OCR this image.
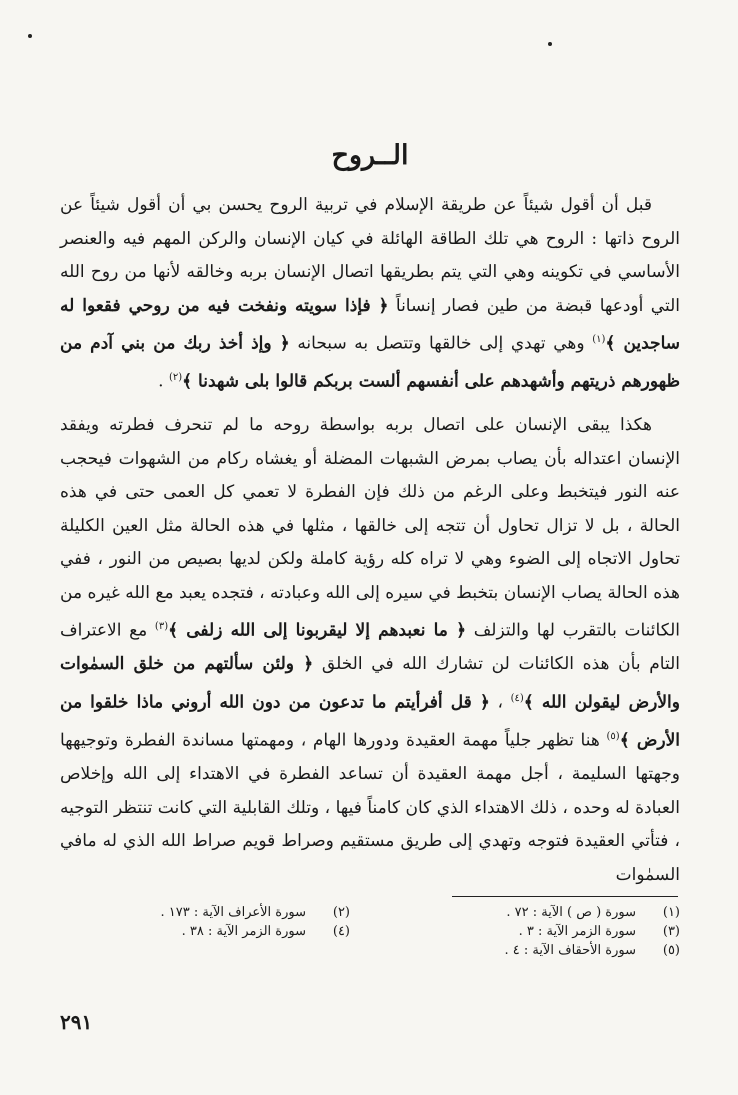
الــروح

قبل أن أقول شيئاً عن طريقة الإسلام في تربية الروح يحسن بي أن أقول شيئاً عن الروح ذاتها : الروح هي تلك الطاقة الهائلة في كيان الإنسان والركن المهم فيه والعنصر الأساسي في تكوينه وهي التي يتم بطريقها اتصال الإنسان بربه وخالقه لأنها من روح الله التي أودعها قبضة من طين فصار إنساناً ﴿ فإذا سويته ونفخت فيه من روحي فقعوا له ساجدين ﴾$^{(١)}$ وهي تهدي إلى خالقها وتتصل به سبحانه ﴿ وإذ أخذ ربك من بني آدم من ظهورهم ذريتهم وأشهدهم على أنفسهم ألست بربكم قالوا بلى شهدنا ﴾$^{(٢)}$ .

هكذا يبقى الإنسان على اتصال بربه بواسطة روحه ما لم تنحرف فطرته ويفقد الإنسان اعتداله بأن يصاب بمرض الشبهات المضلة أو يغشاه ركام من الشهوات فيحجب عنه النور فيتخبط وعلى الرغم من ذلك فإن الفطرة لا تعمي كل العمى حتى في هذه الحالة ، بل لا تزال تحاول أن تتجه إلى خالقها ، مثلها في هذه الحالة مثل العين الكليلة تحاول الاتجاه إلى الضوء وهي لا تراه كله رؤية كاملة ولكن لديها بصيص من النور ، ففي هذه الحالة يصاب الإنسان بتخبط في سيره إلى الله وعبادته ، فتجده يعبد مع الله غيره من الكائنات بالتقرب لها والتزلف ﴿ ما نعبدهم إلا ليقربونا إلى الله زلفى ﴾$^{(٣)}$ مع الاعتراف التام بأن هذه الكائنات لن تشارك الله في الخلق ﴿ ولئن سألتهم من خلق السمٰوات والأرض ليقولن الله ﴾$^{(٤)}$ ، ﴿ قل أفرأيتم ما تدعون من دون الله أروني ماذا خلقوا من الأرض ﴾$^{(٥)}$ هنا تظهر جلياً مهمة العقيدة ودورها الهام ، ومهمتها مساندة الفطرة وتوجيهها وجهتها السليمة ، أجل مهمة العقيدة أن تساعد الفطرة في الاهتداء إلى الله وإخلاص العبادة له وحده ، ذلك الاهتداء الذي كان كامناً فيها ، وتلك القابلية التي كانت تنتظر التوجيه ، فتأتي العقيدة فتوجه وتهدي إلى طريق مستقيم وصراط قويم صراط الله الذي له مافي السمٰوات

(١)سورة ( ص ) الآية : ٧٢ .
(٢)سورة الأعراف الآية : ١٧٣ .
(٣)سورة الزمر الآية : ٣ .
(٤)سورة الزمر الآية : ٣٨ .
(٥)سورة الأحقاف الآية : ٤ .
٢٩١
